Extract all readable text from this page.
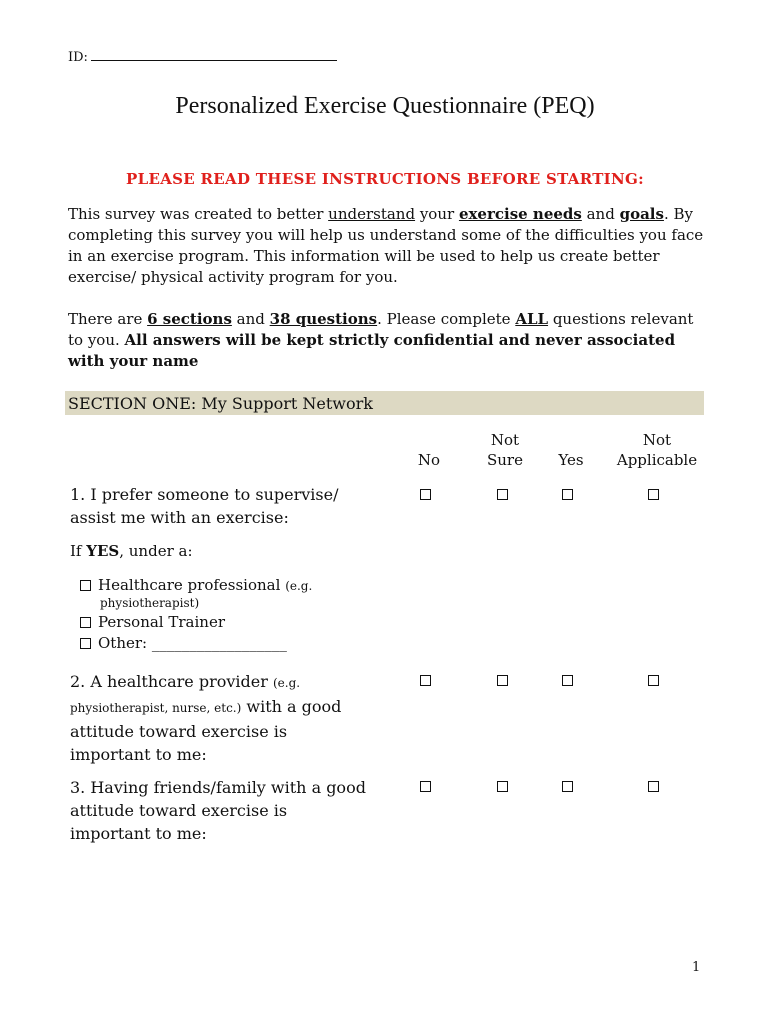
ID:
Personalized Exercise Questionnaire (PEQ)
PLEASE READ THESE INSTRUCTIONS BEFORE STARTING:
This survey was created to better understand your exercise needs and goals. By completing this survey you will help us understand some of the difficulties you face in an exercise program. This information will be used to help us create better exercise/ physical activity program for you.
There are 6 sections and 38 questions. Please complete ALL questions relevant to you. All answers will be kept strictly confidential and never associated with your name
SECTION ONE: My Support Network
No
Not
Sure	Yes
Not
Applicable
1. I prefer someone to supervise/ assist me with an exercise:
If YES, under a:
Healthcare professional (e.g.
physiotherapist)
Personal Trainer
Other: __________________
2. A healthcare provider (e.g. physiotherapist, nurse, etc.) with a good attitude toward exercise is important to me:
3. Having friends/family with a good attitude toward exercise is important to me:
1
